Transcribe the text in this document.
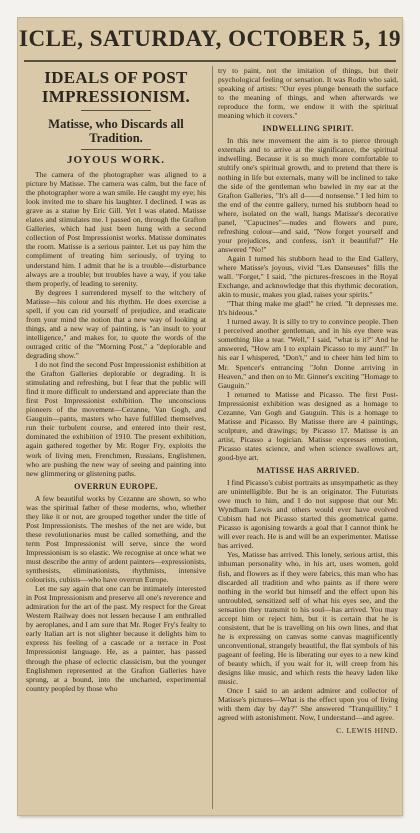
ICLE, SATURDAY, OCTOBER 5, 19
IDEALS OF POST IMPRESSIONISM.
Matisse, who Discards all Tradition.
JOYOUS WORK.

The camera of the photographer was aligned to a picture by Matisse. The camera was calm, but the face of the photographer wore a wan smile. He caught my eye; his look invited me to share his laughter. I declined. I was as grave as a statue by Eric Gill. Yet I was elated. Matisse elates and stimulates me. I passed on, through the Grafton Galleries, which had just been hung with a second collection of Post Impressionist works. Matisse dominates the room. Matisse is a serious painter. Let us pay him the compliment of treating him seriously, of trying to understand him. I admit that he is a trouble—disturbance always are a trouble; but troubles have a way, if you take them properly, of leading to serenity.

By degrees I surrendered myself to the witchery of Matisse—his colour and his rhythm. He does exercise a spell, if you can rid yourself of prejudice, and eradicate from your mind the notion that a new way of looking at things, and a new way of painting, is "an insult to your intelligence," and makes for, to quote the words of the outraged critic of the "Morning Post," a "deplorable and degrading show."

I do not find the second Post Impressionist exhibition at the Grafton Galleries deplorable or degrading. It is stimulating and refreshing, but I fear that the public will find it more difficult to understand and appreciate than the first Post Impressionist exhibition. The unconscious pioneers of the movement—Cezanne, Van Gogh, and Gauguin—pants, masters who have fulfilled themselves, run their turbulent course, and entered into their rest, dominated the exhibition of 1910. The present exhibition, again gathered together by Mr. Roger Fry, exploits the work of living men, Frenchmen, Russians, Englishmen, who are pushing the new way of seeing and painting into new glimmering or glistening paths.

OVERRUN EUROPE.

A few beautiful works by Cezanne are shown, so who was the spiritual father of these moderns, who, whether they like it or not, are grouped together under the title of Post Impressionists. The meshes of the net are wide, but these revolutionaries must be called something, and the term Post Impressionist will serve, since the word Impressionism is so elastic. We recognise at once what we must describe the army of ardent painters—expressionists, synthesists, eliminationists, rhythmists, intensive colourists, cubists—who have overrun Europe.

Let me say again that one can be intimately interested in Post Impressionism and preserve all one's reverence and admiration for the art of the past. My respect for the Great Western Railway does not lessen because I am enthralled by aeroplanes, and I am sure that Mr. Roger Fry's fealty to early Italian art is not slighter because it delights him to express his feeling of a cascade or a terrace in Post Impressionist language. He, as a painter, has passed through the phase of eclectic classicism, but the younger Englishmen represented at the Grafton Galleries have sprung, at a bound, into the uncharted, experimental country peopled by those who

try to paint, not the imitation of things, but their psychological feeling or sensation. It was Rodin who said, speaking of artists: "Our eyes plunge beneath the surface to the meaning of things, and when afterwards we reproduce the form, we endow it with the spiritual meaning which it covers."

INDWELLING SPIRIT.

In this new movement the aim is to pierce through externals and to arrive at the significance, the spiritual indwelling. Because it is so much more comfortable to stultify one's spiritual growth, and to pretend that there is nothing in life but externals, many will be inclined to take the side of the gentleman who bawled in my ear at the Grafton Galleries, "It's all d——d nonsense." I led him to the end of the centre gallery, turned his stubborn head to where, isolated on the wall, hangs Matisse's decorative panel, "Capucines"—nudes and flowers and pure, refreshing colour—and said, "Now forget yourself and your prejudices, and confess, isn't it beautiful?" He answered "No!"

Again I turned his stubborn head to the End Gallery, where Matisse's joyous, vivid "Les Danseuses" fills the wall. "Forget," I said, "the pictures-frescoes in the Royal Exchange, and acknowledge that this rhythmic decoration, akin to music, makes you glad, raises your spirits."

"That thing make me glad!" he cried. "It depresses me. It's hideous."

I turned away. It is silly to try to convince people. Then I perceived another gentleman, and in his eye there was something like a tear. "Well," I said, "what is it?" And he answered, "How am I to explain Picasso to my aunt?" In his ear I whispered, "Don't," and to cheer him led him to Mr. Spencer's entrancing "John Donne arriving in Heaven," and then on to Mr. Ginner's exciting "Homage to Gauguin."

I returned to Matisse and Picasso. The first Post-Impressionist exhibition was designed as a homage to Cezanne, Van Gogh and Gauguin. This is a homage to Matisse and Picasso. By Matisse there are 4 paintings, sculpture, and drawings; by Picasso 17. Matisse is an artist, Picasso a logician. Matisse expresses emotion, Picasso states science, and when science swallows art, good-bye art.

MATISSE HAS ARRIVED.

I find Picasso's cubist portraits as unsympathetic as they are unintelligible. But he is an originator. The Futurists owe much to him, and I do not suppose that our Mr. Wyndham Lewis and others would ever have evolved Cubism had not Picasso started this geometrical game. Picasso is agonising towards a goal that I cannot think he will ever reach. He is and will be an experimenter. Matisse has arrived.

Yes, Matisse has arrived. This lonely, serious artist, this inhuman personality who, in his art, uses women, gold fish, and flowers as if they were fabrics, this man who has discarded all tradition and who paints as if there were nothing in the world but himself and the effect upon his untroubled, sensitized self of what his eyes see, and the sensation they transmit to his soul—has arrived. You may accept him or reject him, but it is certain that he is consistent, that he is travelling on his own lines, and that he is expressing on canvas some canvas magnificently unconventional, strangely beautiful, the flat symbols of his pageant of feeling. He is liberating our eyes to a new kind of beauty which, if you wait for it, will creep from his designs like music, and which rests the heavy laden like music.

Once I said to an ardent admirer and collector of Matisse's pictures—What is the effect upon you of living with them day by day?" She answered "Tranquillity." I agreed with astonishment. Now, I understand—and agree.

C. LEWIS HIND.
